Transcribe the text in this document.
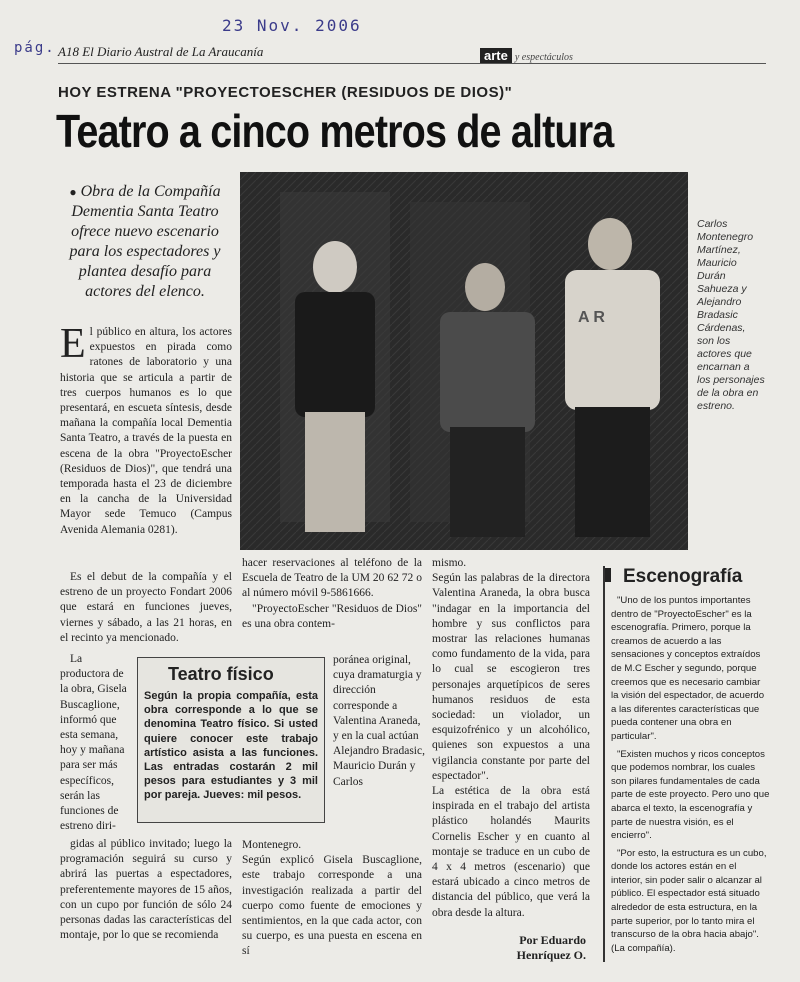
23 Nov. 2006
pág. A18 El Diario Austral de La Araucanía	arte y espectáculos
HOY ESTRENA "PROYECTOESCHER (RESIDUOS DE DIOS)"
Teatro a cinco metros de altura
● Obra de la Compañía Dementia Santa Teatro ofrece nuevo escenario para los espectadores y plantea desafío para actores del elenco.
A R
Carlos Montenegro Martínez, Mauricio Durán Sahueza y Alejandro Bradasic Cárdenas, son los actores que encarnan a los personajes de la obra en estreno.
El público en altura, los actores expuestos en pirada como ratones de laboratorio y una historia que se articula a partir de tres cuerpos humanos es lo que presentará, en escueta síntesis, desde mañana la compañía local Dementia Santa Teatro, a través de la puesta en escena de la obra "ProyectoEscher (Residuos de Dios)", que tendrá una temporada hasta el 23 de diciembre en la cancha de la Universidad Mayor sede Temuco (Campus Avenida Alemania 0281).

Es el debut de la compañía y el estreno de un proyecto Fondart 2006 que estará en funciones jueves, viernes y sábado, a las 21 horas, en el recinto ya mencionado.

La productora de la obra, Gisela Buscaglione, informó que esta semana, hoy y mañana para ser más específicos, serán las funciones de estreno diri-
gidas al público invitado; luego la programación seguirá su curso y abrirá las puertas a espectadores, preferentemente mayores de 15 años, con un cupo por función de sólo 24 personas dadas las características del montaje, por lo que se recomienda
hacer reservaciones al teléfono de la Escuela de Teatro de la UM 20 62 72 o al número móvil 9-5861666.
"ProyectoEscher "Residuos de Dios" es una obra contem-
poránea original, cuya dramaturgia y dirección corresponde a Valentina Araneda, y en la cual actúan Alejandro Bradasic, Mauricio Durán y Carlos
Montenegro.
Según explicó Gisela Buscaglione, este trabajo corresponde a una investigación realizada a partir del cuerpo como fuente de emociones y sentimientos, en la que cada actor, con su cuerpo, es una puesta en escena en sí
mismo.
Según las palabras de la directora Valentina Araneda, la obra busca "indagar en la importancia del hombre y sus conflictos para mostrar las relaciones humanas como fundamento de la vida, para lo cual se escogieron tres personajes arquetípicos de seres humanos residuos de esta sociedad: un violador, un esquizofrénico y un alcohólico, quienes son expuestos a una vigilancia constante por parte del espectador".
La estética de la obra está inspirada en el trabajo del artista plástico holandés Maurits Cornelis Escher y en cuanto al montaje se traduce en un cubo de 4 x 4 metros (escenario) que estará ubicado a cinco metros de distancia del público, que verá la obra desde la altura.
Por Eduardo Henríquez O.
Teatro físico
Según la propia compañía, esta obra corresponde a lo que se denomina Teatro físico. Si usted quiere conocer este trabajo artístico asista a las funciones. Las entradas costarán 2 mil pesos para estudiantes y 3 mil por pareja. Jueves: mil pesos.
Escenografía

"Uno de los puntos importantes dentro de "ProyectoEscher" es la escenografía. Primero, porque la creamos de acuerdo a las sensaciones y conceptos extraídos de M.C Escher y segundo, porque creemos que es necesario cambiar la visión del espectador, de acuerdo a las diferentes características que pueda contener una obra en particular".

"Existen muchos y ricos conceptos que podemos nombrar, los cuales son pilares fundamentales de cada parte de este proyecto. Pero uno que abarca el texto, la escenografía y parte de nuestra visión, es el encierro".

"Por esto, la estructura es un cubo, donde los actores están en el interior, sin poder salir o alcanzar al público. El espectador está situado alrededor de esta estructura, en la parte superior, por lo tanto mira el transcurso de la obra hacia abajo".(La compañía).
